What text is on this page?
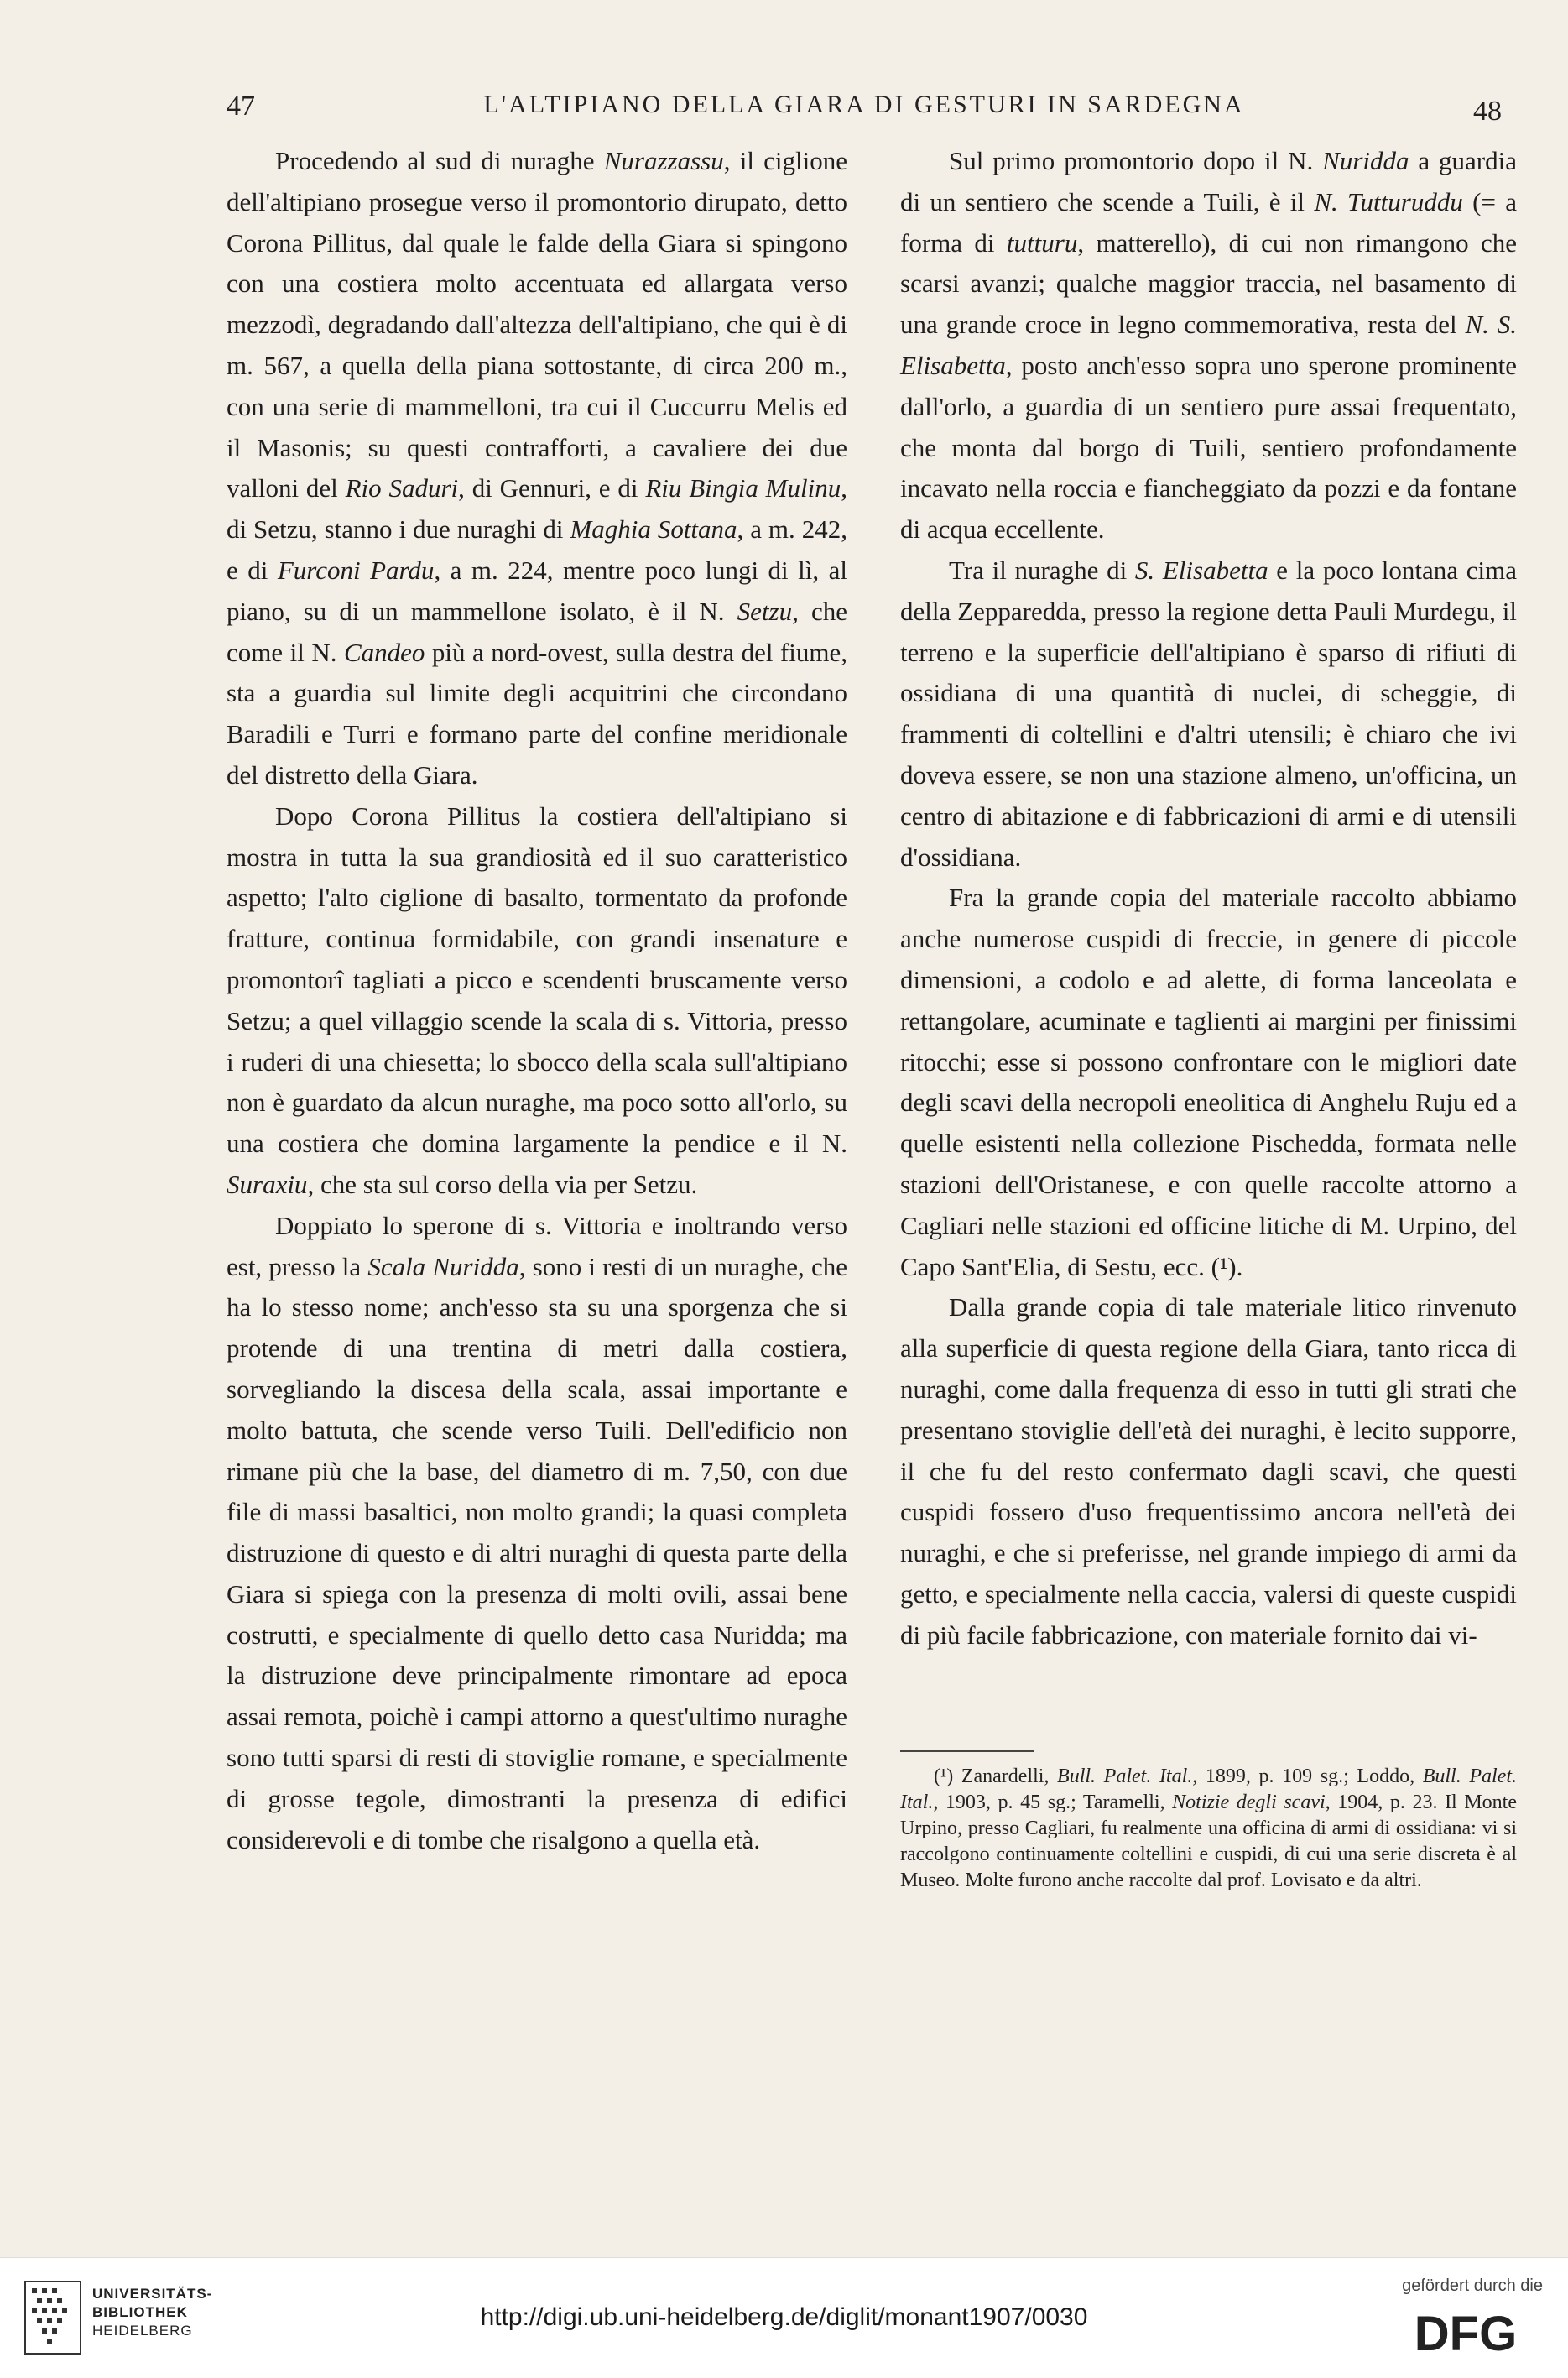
47	L'ALTIPIANO DELLA GIARA DI GESTURI IN SARDEGNA	48

Procedendo al sud di nuraghe Nurazzassu, il ciglione dell'altipiano prosegue verso il promontorio dirupato, detto Corona Pillitus, dal quale le falde della Giara si spingono con una costiera molto accentuata ed allargata verso mezzodì, degradando dall'altezza dell'altipiano, che qui è di m. 567, a quella della piana sottostante, di circa 200 m., con una serie di mammelloni, tra cui il Cuccurru Melis ed il Masonis; su questi contrafforti, a cavaliere dei due valloni del Rio Saduri, di Gennuri, e di Riu Bingia Mulinu, di Setzu, stanno i due nuraghi di Maghia Sottana, a m. 242, e di Furconi Pardu, a m. 224, mentre poco lungi di lì, al piano, su di un mammellone isolato, è il N. Setzu, che come il N. Candeo più a nord-ovest, sulla destra del fiume, sta a guardia sul limite degli acquitrini che circondano Baradili e Turri e formano parte del confine meridionale del distretto della Giara.

Dopo Corona Pillitus la costiera dell'altipiano si mostra in tutta la sua grandiosità ed il suo caratteristico aspetto; l'alto ciglione di basalto, tormentato da profonde fratture, continua formidabile, con grandi insenature e promontorî tagliati a picco e scendenti bruscamente verso Setzu; a quel villaggio scende la scala di s. Vittoria, presso i ruderi di una chiesetta; lo sbocco della scala sull'altipiano non è guardato da alcun nuraghe, ma poco sotto all'orlo, su una costiera che domina largamente la pendice e il N. Suraxiu, che sta sul corso della via per Setzu.

Doppiato lo sperone di s. Vittoria e inoltrando verso est, presso la Scala Nuridda, sono i resti di un nuraghe, che ha lo stesso nome; anch'esso sta su una sporgenza che si protende di una trentina di metri dalla costiera, sorvegliando la discesa della scala, assai importante e molto battuta, che scende verso Tuili. Dell'edificio non rimane più che la base, del diametro di m. 7,50, con due file di massi basaltici, non molto grandi; la quasi completa distruzione di questo e di altri nuraghi di questa parte della Giara si spiega con la presenza di molti ovili, assai bene costrutti, e specialmente di quello detto casa Nuridda; ma la distruzione deve principalmente rimontare ad epoca assai remota, poichè i campi attorno a quest'ultimo nuraghe sono tutti sparsi di resti di stoviglie romane, e specialmente di grosse tegole, dimostranti la presenza di edifici considerevoli e di tombe che risalgono a quella età.

Sul primo promontorio dopo il N. Nuridda a guardia di un sentiero che scende a Tuili, è il N. Tutturuddu (= a forma di tutturu, matterello), di cui non rimangono che scarsi avanzi; qualche maggior traccia, nel basamento di una grande croce in legno commemorativa, resta del N. S. Elisabetta, posto anch'esso sopra uno sperone prominente dall'orlo, a guardia di un sentiero pure assai frequentato, che monta dal borgo di Tuili, sentiero profondamente incavato nella roccia e fiancheggiato da pozzi e da fontane di acqua eccellente.

Tra il nuraghe di S. Elisabetta e la poco lontana cima della Zepparedda, presso la regione detta Pauli Murdegu, il terreno e la superficie dell'altipiano è sparso di rifiuti di ossidiana di una quantità di nuclei, di scheggie, di frammenti di coltellini e d'altri utensili; è chiaro che ivi doveva essere, se non una stazione almeno, un'officina, un centro di abitazione e di fabbricazioni di armi e di utensili d'ossidiana.

Fra la grande copia del materiale raccolto abbiamo anche numerose cuspidi di freccie, in genere di piccole dimensioni, a codolo e ad alette, di forma lanceolata e rettangolare, acuminate e taglienti ai margini per finissimi ritocchi; esse si possono confrontare con le migliori date degli scavi della necropoli eneolitica di Anghelu Ruju ed a quelle esistenti nella collezione Pischedda, formata nelle stazioni dell'Oristanese, e con quelle raccolte attorno a Cagliari nelle stazioni ed officine litiche di M. Urpino, del Capo Sant'Elia, di Sestu, ecc. (¹).

Dalla grande copia di tale materiale litico rinvenuto alla superficie di questa regione della Giara, tanto ricca di nuraghi, come dalla frequenza di esso in tutti gli strati che presentano stoviglie dell'età dei nuraghi, è lecito supporre, il che fu del resto confermato dagli scavi, che questi cuspidi fossero d'uso frequentissimo ancora nell'età dei nuraghi, e che si preferisse, nel grande impiego di armi da getto, e specialmente nella caccia, valersi di queste cuspidi di più facile fabbricazione, con materiale fornito dai vi-

(¹) Zanardelli, Bull. Palet. Ital., 1899, p. 109 sg.; Loddo, Bull. Palet. Ital., 1903, p. 45 sg.; Taramelli, Notizie degli scavi, 1904, p. 23. Il Monte Urpino, presso Cagliari, fu realmente una officina di armi di ossidiana: vi si raccolgono continuamente coltellini e cuspidi, di cui una serie discreta è al Museo. Molte furono anche raccolte dal prof. Lovisato e da altri.

UNIVERSITÄTS-
BIBLIOTHEK
HEIDELBERG	http://digi.ub.uni-heidelberg.de/diglit/monant1907/0030
gefördert durch die
DFG
